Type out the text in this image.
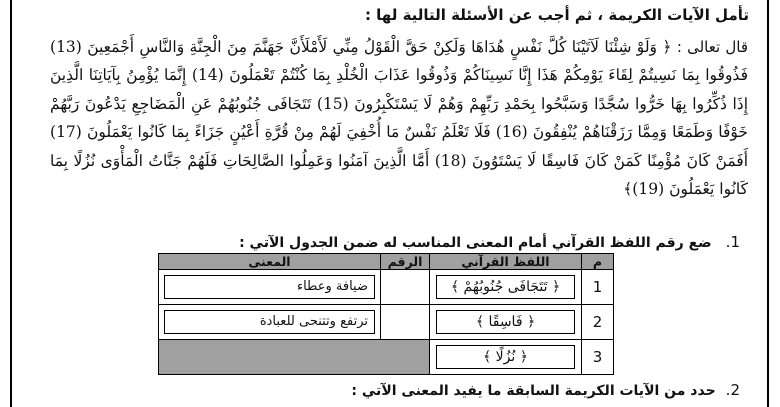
تأمل الآيات الكريمة ، ثم أجب عن الأسئلة التالية لها :
قال تعالى : ﴿ وَلَوْ شِئْنَا لَآتَيْنَا كُلَّ نَفْسٍ هُدَاهَا وَلَكِنْ حَقَّ الْقَوْلُ مِنِّي لَأَمْلَأَنَّ جَهَنَّمَ مِنَ الْجِنَّةِ وَالنَّاسِ أَجْمَعِينَ (13) فَذُوقُوا بِمَا نَسِيتُمْ لِقَاءَ يَوْمِكُمْ هَذَا إِنَّا نَسِينَاكُمْ وَذُوقُوا عَذَابَ الْخُلْدِ بِمَا كُنْتُمْ تَعْمَلُونَ (14) إِنَّمَا يُؤْمِنُ بِآيَاتِنَا الَّذِينَ إِذَا ذُكِّرُوا بِهَا خَرُّوا سُجَّدًا وَسَبَّحُوا بِحَمْدِ رَبِّهِمْ وَهُمْ لَا يَسْتَكْبِرُونَ (15) تَتَجَافَى جُنُوبُهُمْ عَنِ الْمَضَاجِعِ يَدْعُونَ رَبَّهُمْ خَوْفًا وَطَمَعًا وَمِمَّا رَزَقْنَاهُمْ يُنْفِقُونَ (16) فَلَا تَعْلَمُ نَفْسٌ مَا أُخْفِيَ لَهُمْ مِنْ قُرَّةِ أَعْيُنٍ جَزَاءً بِمَا كَانُوا يَعْمَلُونَ (17) أَفَمَنْ كَانَ مُؤْمِنًا كَمَنْ كَانَ فَاسِقًا لَا يَسْتَوُونَ (18) أَمَّا الَّذِينَ آمَنُوا وَعَمِلُوا الصَّالِحَاتِ فَلَهُمْ جَنَّاتُ الْمَأْوَى نُزُلًا بِمَا كَانُوا يَعْمَلُونَ (19)﴾
1.ضع رقم اللفظ القرآني أمام المعنى المناسب له ضمن الجدول الآتي :
م	اللفظ القرآني	الرقم	المعنى
1	﴿ تَتَجَافَى جُنُوبُهُمْ ﴾		ضيافة وعطاء

2	﴿ فَاسِقًا ﴾		ترتفع وتتنحى للعبادة

3	﴿ نُزُلًا ﴾		

2.حدد من الآيات الكريمة السابقة ما يفيد المعنى الآتي :
